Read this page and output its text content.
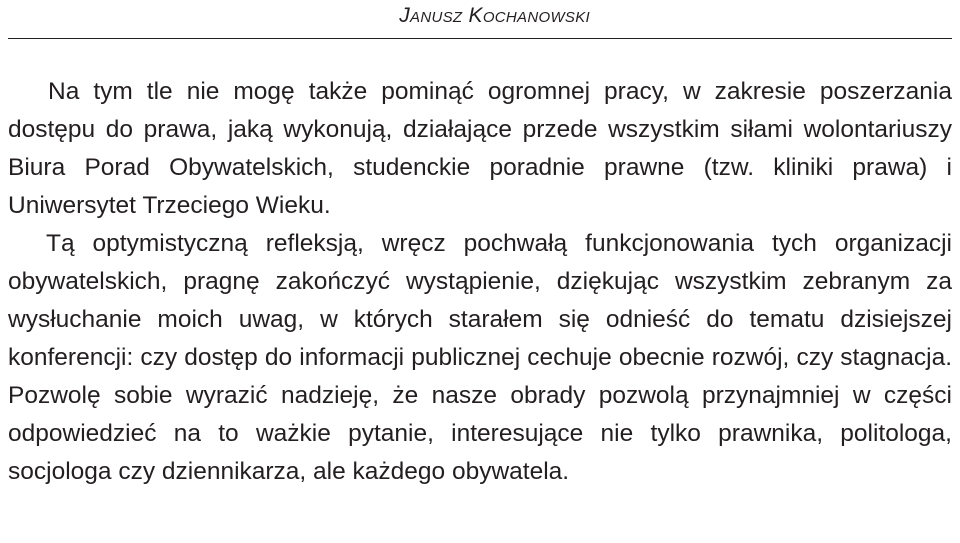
Janusz Kochanowski

Na tym tle nie mogę także pominąć ogromnej pracy, w zakresie poszerzania dostępu do prawa, jaką wykonują, działające przede wszystkim siłami wolontariuszy Biura Porad Obywatelskich, studenckie poradnie prawne (tzw. kliniki prawa) i Uniwersytet Trzeciego Wieku.

Tą optymistyczną refleksją, wręcz pochwałą funkcjonowania tych organizacji obywatelskich, pragnę zakończyć wystąpienie, dziękując wszystkim zebranym za wysłuchanie moich uwag, w których starałem się odnieść do tematu dzisiejszej konferencji: czy dostęp do informacji publicznej cechuje obecnie rozwój, czy stagnacja. Pozwolę sobie wyrazić nadzieję, że nasze obrady pozwolą przynajmniej w części odpowiedzieć na to ważkie pytanie, interesujące nie tylko prawnika, politologa, socjologa czy dziennikarza, ale każdego obywatela.
